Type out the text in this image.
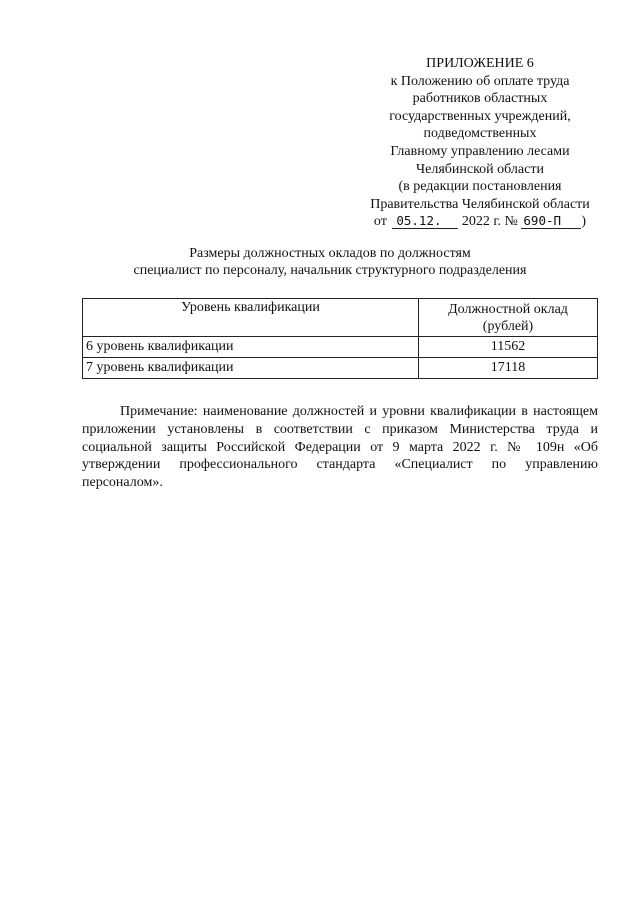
ПРИЛОЖЕНИЕ 6
к Положению об оплате труда
работников областных
государственных учреждений,
подведомственных
Главному управлению лесами
Челябинской области
(в редакции постановления
Правительства Челябинской области
от 05.12. 2022 г. № 690-П )
Размеры должностных окладов по должностям
специалист по персоналу, начальник структурного подразделения
Уровень квалификации	Должностной оклад
(рублей)
6 уровень квалификации	11562
7 уровень квалификации	17118
Примечание: наименование должностей и уровни квалификации в настоящем приложении установлены в соответствии с приказом Министерства труда и социальной защиты Российской Федерации от 9 марта 2022 г. № 109н «Об утверждении профессионального стандарта «Специалист по управлению персоналом».
